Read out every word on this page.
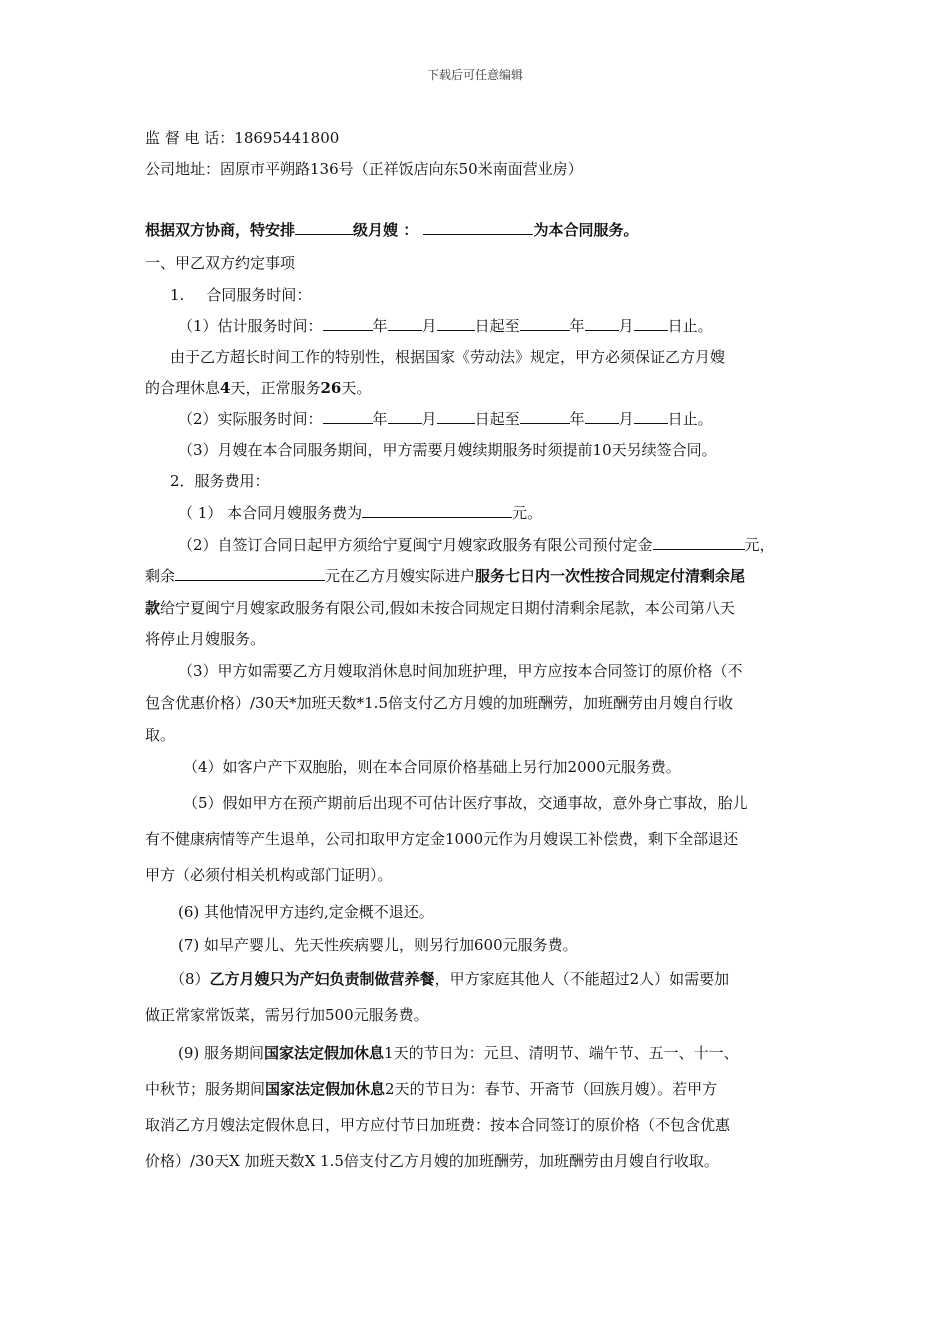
下载后可任意编辑
监 督 电 话：18695441800
公司地址：固原市平朔路136号（正祥饭店向东50米南面营业房）
根据双方协商，特安排	级月嫂 ：	为本合同服务。
一、甲乙双方约定事项
1. 合同服务时间：
（1）估计服务时间：	年 月	日起至	年 月 日止。
由于乙方超长时间工作的特别性，根据国家《劳动法》规定，甲方必须保证乙方月嫂
的合理休息4天，正常服务26天。
（2）实际服务时间：	年 月	日起至	年 月 日止。
（3）月嫂在本合同服务期间，甲方需要月嫂续期服务时须提前10天另续签合同。
2．服务费用：
（ 1） 本合同月嫂服务费为	元。
（2）自签订合同日起甲方须给宁夏闽宁月嫂家政服务有限公司预付定金	元，
剩余	元在乙方月嫂实际进户服务七日内一次性按合同规定付清剩余尾
款给宁夏闽宁月嫂家政服务有限公司,假如未按合同规定日期付清剩余尾款，本公司第八天
将停止月嫂服务。
（3）甲方如需要乙方月嫂取消休息时间加班护理，甲方应按本合同签订的原价格（不
包含优惠价格）/30天*加班天数*1.5倍支付乙方月嫂的加班酬劳，加班酬劳由月嫂自行收
取。
（4）如客户产下双胞胎，则在本合同原价格基础上另行加2000元服务费。
（5）假如甲方在预产期前后出现不可估计医疗事故，交通事故，意外身亡事故，胎儿
有不健康病情等产生退单，公司扣取甲方定金1000元作为月嫂误工补偿费，剩下全部退还
甲方（必须付相关机构或部门证明）。
(6) 其他情况甲方违约,定金概不退还。
(7) 如早产婴儿、先天性疾病婴儿，则另行加600元服务费。
（8）乙方月嫂只为产妇负责制做营养餐，甲方家庭其他人（不能超过2人）如需要加
做正常家常饭菜，需另行加500元服务费。
(9) 服务期间国家法定假加休息1天的节日为：元旦、清明节、端午节、五一、十一、
中秋节；服务期间国家法定假加休息2天的节日为：春节、开斋节（回族月嫂）。若甲方
取消乙方月嫂法定假休息日，甲方应付节日加班费：按本合同签订的原价格（不包含优惠
价格）/30天X 加班天数X 1.5倍支付乙方月嫂的加班酬劳，加班酬劳由月嫂自行收取。
